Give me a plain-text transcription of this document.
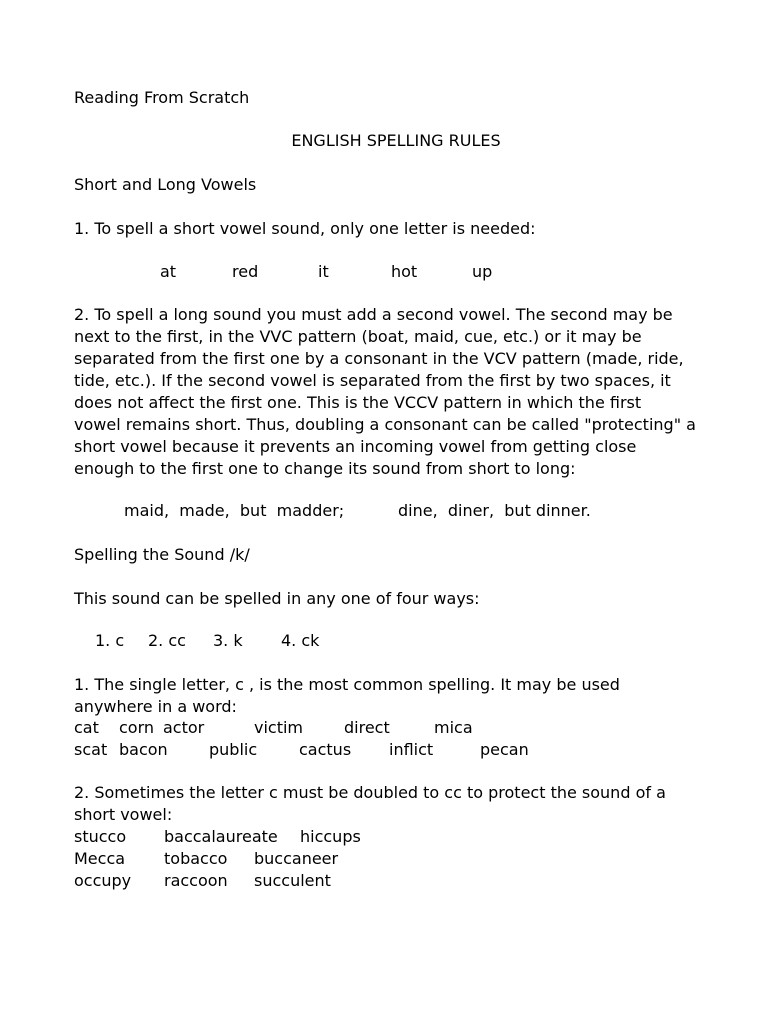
Reading From Scratch
ENGLISH SPELLING RULES
Short and Long Vowels
1. To spell a short vowel sound, only one letter is needed:
at	red	it	hot	up
2. To spell a long sound you must add a second vowel. The second may be
next to the first, in the VVC pattern (boat, maid, cue, etc.) or it may be
separated from the first one by a consonant in the VCV pattern (made, ride,
tide, etc.). If the second vowel is separated from the first by two spaces, it
does not affect the first one. This is the VCCV pattern in which the first
vowel remains short. Thus, doubling a consonant can be called "protecting" a
short vowel because it prevents an incoming vowel from getting close
enough to the first one to change its sound from short to long:
maid,  made,  but  madder;	dine,  diner,  but dinner.
Spelling the Sound /k/
This sound can be spelled in any one of four ways:
1. c 2. cc 3. k 4. ck
1. The single letter, c , is the most common spelling. It may be used
anywhere in a word:
cat corn actor	victim	direct	mica
scat bacon	public	cactus inflict	pecan
2. Sometimes the letter c must be doubled to cc to protect the sound of a
short vowel:
stucco baccalaureate hiccups
Mecca tobacco buccaneer
occupy raccoon succulent
